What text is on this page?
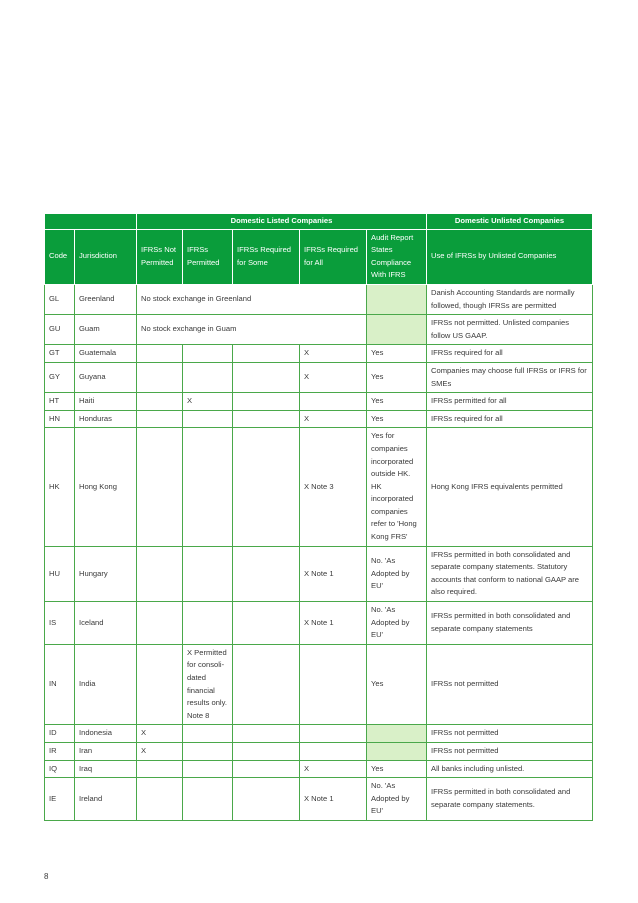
		Domestic Listed Companies					Domestic Unlisted Companies
Code	Jurisdiction	IFRSs Not Permitted	IFRSs Permitted	IFRSs Required for Some	IFRSs Required for All	Audit Report States Compliance With IFRS	Use of IFRSs by Unlisted Companies
GL	Greenland	No stock exchange in Greenland					Danish Accounting Standards are normally followed, though IFRSs are permitted
GU	Guam	No stock exchange in Guam					IFRSs not permitted. Unlisted companies follow US GAAP.
GT	Guatemala				X	Yes	IFRSs required for all
GY	Guyana				X	Yes	Companies may choose full IFRSs or IFRS for SMEs
HT	Haiti		X			Yes	IFRSs permitted for all
HN	Honduras				X	Yes	IFRSs required for all
HK	Hong Kong				X Note 3	Yes for companies incorporated outside HK. HK incorporated companies refer to 'Hong Kong FRS'	Hong Kong IFRS equivalents permitted
HU	Hungary				X Note 1	No. 'As Adopted by EU'	IFRSs permitted in both consolidated and separate company statements. Statutory accounts that conform to national GAAP are also required.
IS	Iceland				X Note 1	No. 'As Adopted by EU'	IFRSs permitted in both consolidated and separate company statements
IN	India		X Permitted for consoli-dated financial results only. Note 8			Yes	IFRSs not permitted
ID	Indonesia	X					IFRSs not permitted
IR	Iran	X					IFRSs not permitted
IQ	Iraq				X	Yes	All banks including unlisted.
IE	Ireland				X Note 1	No. 'As Adopted by EU'	IFRSs permitted in both consolidated and separate company statements.
8
